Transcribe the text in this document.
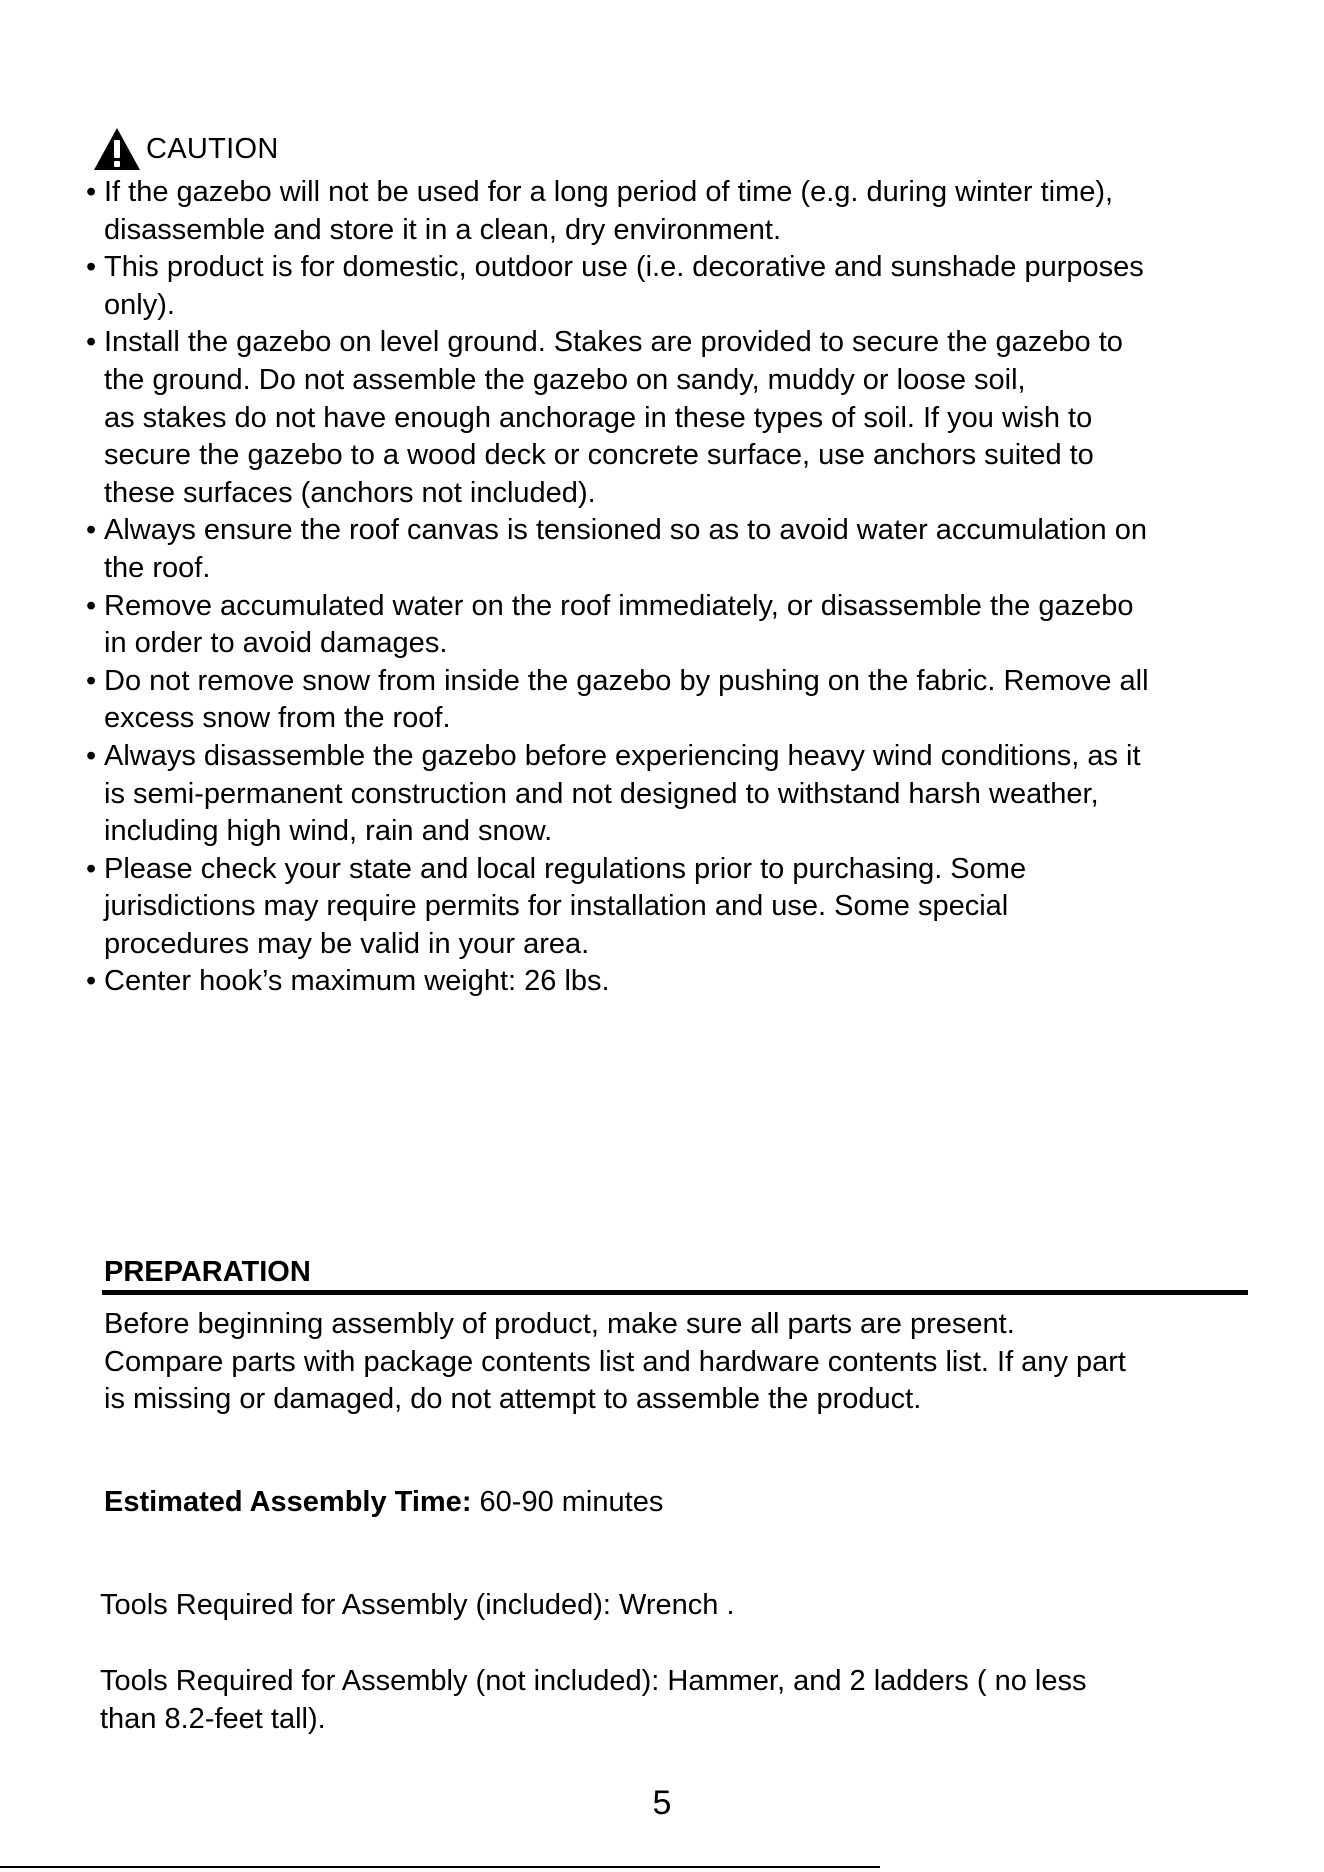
CAUTION
• If the gazebo will not be used for a long period of time (e.g. during winter time),
disassemble and store it in a clean, dry environment.
• This product is for domestic, outdoor use (i.e. decorative and sunshade purposes
only).
• Install the gazebo on level ground. Stakes are provided to secure the gazebo to
the ground. Do not assemble the gazebo on sandy, muddy or loose soil,
as stakes do not have enough anchorage in these types of soil. If you wish to
secure the gazebo to a wood deck or concrete surface, use anchors suited to
these surfaces (anchors not included).
• Always ensure the roof canvas is tensioned so as to avoid water accumulation on
the roof.
• Remove accumulated water on the roof immediately, or disassemble the gazebo
in order to avoid damages.
• Do not remove snow from inside the gazebo by pushing on the fabric. Remove all
excess snow from the roof.
• Always disassemble the gazebo before experiencing heavy wind conditions, as it
is semi-permanent construction and not designed to withstand harsh weather,
including high wind, rain and snow.
• Please check your state and local regulations prior to purchasing. Some
jurisdictions may require permits for installation and use. Some special
procedures may be valid in your area.
• Center hook’s maximum weight: 26 lbs.
PREPARATION
Before beginning assembly of product, make sure all parts are present.
Compare parts with package contents list and hardware contents list. If any part
is missing or damaged, do not attempt to assemble the product.
Estimated Assembly Time: 60-90 minutes
Tools Required for Assembly (included): Wrench .
Tools Required for Assembly (not included): Hammer, and 2 ladders ( no less
than 8.2-feet tall).
5
